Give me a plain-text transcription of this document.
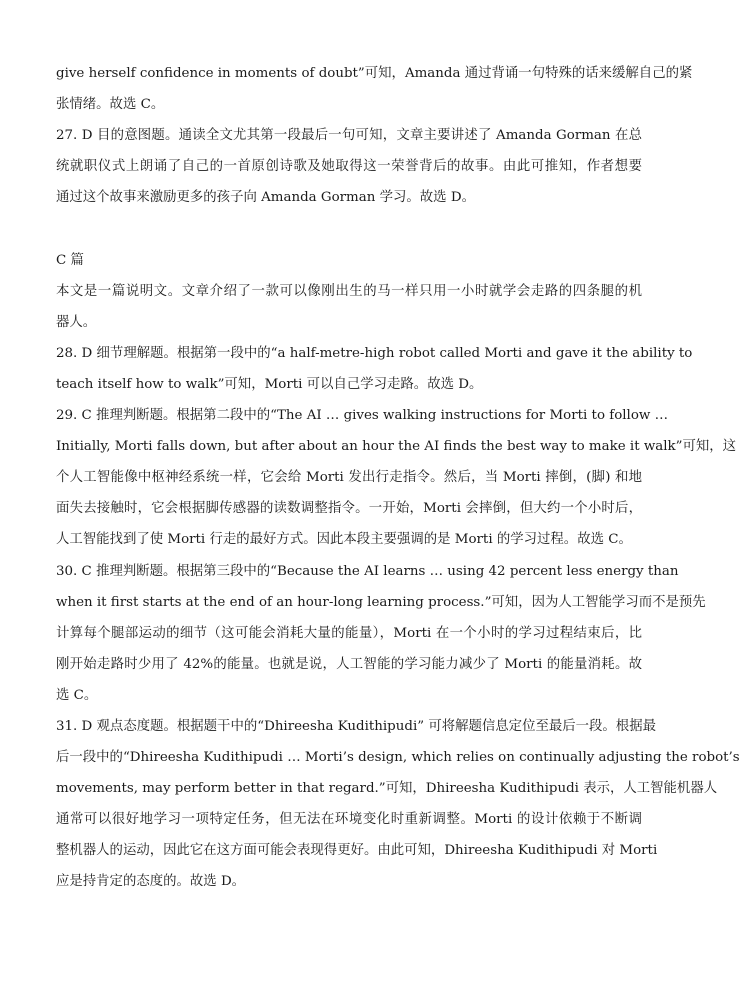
give herself confidence in moments of doubt”可知，Amanda 通过背诵一句特殊的话来缓解自己的紧
张情绪。故选 C。
27. D 目的意图题。通读全文尤其第一段最后一句可知，文章主要讲述了 Amanda Gorman 在总
统就职仪式上朗诵了自己的一首原创诗歌及她取得这一荣誉背后的故事。由此可推知，作者想要
通过这个故事来激励更多的孩子向 Amanda Gorman 学习。故选 D。
C 篇
本文是一篇说明文。文章介绍了一款可以像刚出生的马一样只用一小时就学会走路的四条腿的机
器人。
28. D 细节理解题。根据第一段中的“a half-metre-high robot called Morti and gave it the ability to
teach itself how to walk”可知，Morti 可以自己学习走路。故选 D。
29. C 推理判断题。根据第二段中的“The AI … gives walking instructions for Morti to follow …
Initially, Morti falls down, but after about an hour the AI finds the best way to make it walk”可知，这
个人工智能像中枢神经系统一样，它会给 Morti 发出行走指令。然后，当 Morti 摔倒，(脚) 和地
面失去接触时，它会根据脚传感器的读数调整指令。一开始，Morti 会摔倒，但大约一个小时后，
人工智能找到了使 Morti 行走的最好方式。因此本段主要强调的是 Morti 的学习过程。故选 C。
30. C 推理判断题。根据第三段中的“Because the AI learns … using 42 percent less energy than
when it first starts at the end of an hour-long learning process.”可知，因为人工智能学习而不是预先
计算每个腿部运动的细节（这可能会消耗大量的能量），Morti 在一个小时的学习过程结束后，比
刚开始走路时少用了 42%的能量。也就是说，人工智能的学习能力减少了 Morti 的能量消耗。故
选 C。
31. D 观点态度题。根据题干中的“Dhireesha Kudithipudi” 可将解题信息定位至最后一段。根据最
后一段中的“Dhireesha Kudithipudi … Morti’s design, which relies on continually adjusting the robot’s
movements, may perform better in that regard.”可知，Dhireesha Kudithipudi 表示，人工智能机器人
通常可以很好地学习一项特定任务，但无法在环境变化时重新调整。Morti 的设计依赖于不断调
整机器人的运动，因此它在这方面可能会表现得更好。由此可知，Dhireesha Kudithipudi 对 Morti
应是持肯定的态度的。故选 D。
